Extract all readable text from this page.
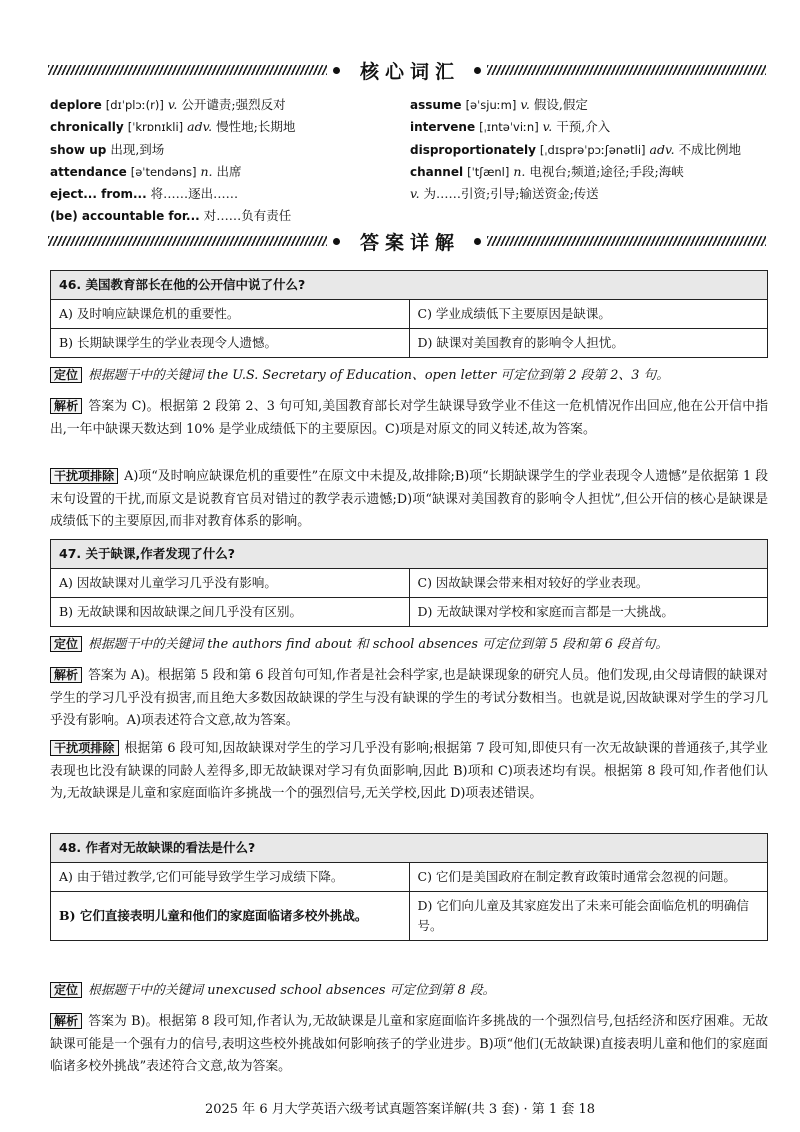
核心词汇
deplore [dɪˈplɔː(r)] v. 公开谴责;强烈反对
chronically [ˈkrɒnɪkli] adv. 慢性地;长期地
show up 出现,到场
attendance [əˈtendəns] n. 出席
eject... from... 将……逐出……
(be) accountable for... 对……负有责任
assume [əˈsjuːm] v. 假设,假定
intervene [ˌɪntəˈviːn] v. 干预,介入
disproportionately [ˌdɪsprəˈpɔːʃənətli] adv. 不成比例地
channel [ˈtʃænl] n. 电视台;频道;途径;手段;海峡
v. 为……引资;引导;输送资金;传送
答案详解
46. 美国教育部长在他的公开信中说了什么?	
A) 及时响应缺课危机的重要性。	C) 学业成绩低下主要原因是缺课。
B) 长期缺课学生的学业表现令人遗憾。	D) 缺课对美国教育的影响令人担忧。
定位 根据题干中的关键词 the U.S. Secretary of Education、open letter 可定位到第 2 段第 2、3 句。
解析 答案为 C)。根据第 2 段第 2、3 句可知,美国教育部长对学生缺课导致学业不佳这一危机情况作出回应,他在公开信中指出,一年中缺课天数达到 10% 是学业成绩低下的主要原因。C)项是对原文的同义转述,故为答案。
干扰项排除 A)项“及时响应缺课危机的重要性”在原文中未提及,故排除;B)项“长期缺课学生的学业表现令人遗憾”是依据第 1 段末句设置的干扰,而原文是说教育官员对错过的教学表示遗憾;D)项“缺课对美国教育的影响令人担忧”,但公开信的核心是缺课是成绩低下的主要原因,而非对教育体系的影响。
47. 关于缺课,作者发现了什么?	
A) 因故缺课对儿童学习几乎没有影响。	C) 因故缺课会带来相对较好的学业表现。
B) 无故缺课和因故缺课之间几乎没有区别。	D) 无故缺课对学校和家庭而言都是一大挑战。
定位 根据题干中的关键词 the authors find about 和 school absences 可定位到第 5 段和第 6 段首句。
解析 答案为 A)。根据第 5 段和第 6 段首句可知,作者是社会科学家,也是缺课现象的研究人员。他们发现,由父母请假的缺课对学生的学习几乎没有损害,而且绝大多数因故缺课的学生与没有缺课的学生的考试分数相当。也就是说,因故缺课对学生的学习几乎没有影响。A)项表述符合文意,故为答案。
干扰项排除 根据第 6 段可知,因故缺课对学生的学习几乎没有影响;根据第 7 段可知,即使只有一次无故缺课的普通孩子,其学业表现也比没有缺课的同龄人差得多,即无故缺课对学习有负面影响,因此 B)项和 C)项表述均有误。根据第 8 段可知,作者他们认为,无故缺课是儿童和家庭面临许多挑战一个的强烈信号,无关学校,因此 D)项表述错误。
48. 作者对无故缺课的看法是什么?	
A) 由于错过教学,它们可能导致学生学习成绩下降。	C) 它们是美国政府在制定教育政策时通常会忽视的问题。
B) 它们直接表明儿童和他们的家庭面临诸多校外挑战。	D) 它们向儿童及其家庭发出了未来可能会面临危机的明确信号。
定位 根据题干中的关键词 unexcused school absences 可定位到第 8 段。
解析 答案为 B)。根据第 8 段可知,作者认为,无故缺课是儿童和家庭面临许多挑战的一个强烈信号,包括经济和医疗困难。无故缺课可能是一个强有力的信号,表明这些校外挑战如何影响孩子的学业进步。B)项“他们(无故缺课)直接表明儿童和他们的家庭面临诸多校外挑战”表述符合文意,故为答案。
2025 年 6 月大学英语六级考试真题答案详解(共 3 套) · 第 1 套 18
